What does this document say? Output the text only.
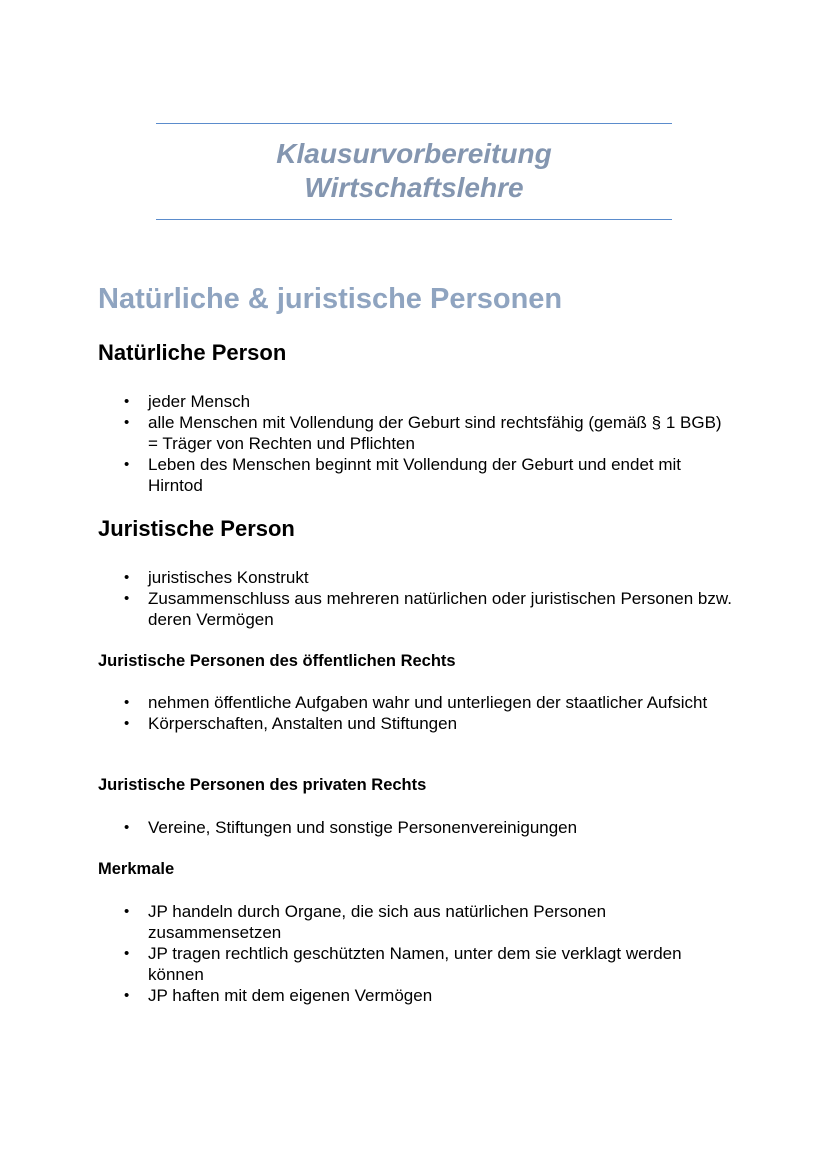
Klausurvorbereitung
Wirtschaftslehre
Natürliche & juristische Personen
Natürliche Person
• jeder Mensch
• alle Menschen mit Vollendung der Geburt sind rechtsfähig (gemäß § 1 BGB) = Träger von Rechten und Pflichten
• Leben des Menschen beginnt mit Vollendung der Geburt und endet mit Hirntod
Juristische Person
• juristisches Konstrukt
• Zusammenschluss aus mehreren natürlichen oder juristischen Personen bzw. deren Vermögen
Juristische Personen des öffentlichen Rechts
• nehmen öffentliche Aufgaben wahr und unterliegen der staatlicher Aufsicht
• Körperschaften, Anstalten und Stiftungen
Juristische Personen des privaten Rechts
• Vereine, Stiftungen und sonstige Personenvereinigungen
Merkmale
• JP handeln durch Organe, die sich aus natürlichen Personen zusammensetzen
• JP tragen rechtlich geschützten Namen, unter dem sie verklagt werden können
• JP haften mit dem eigenen Vermögen
